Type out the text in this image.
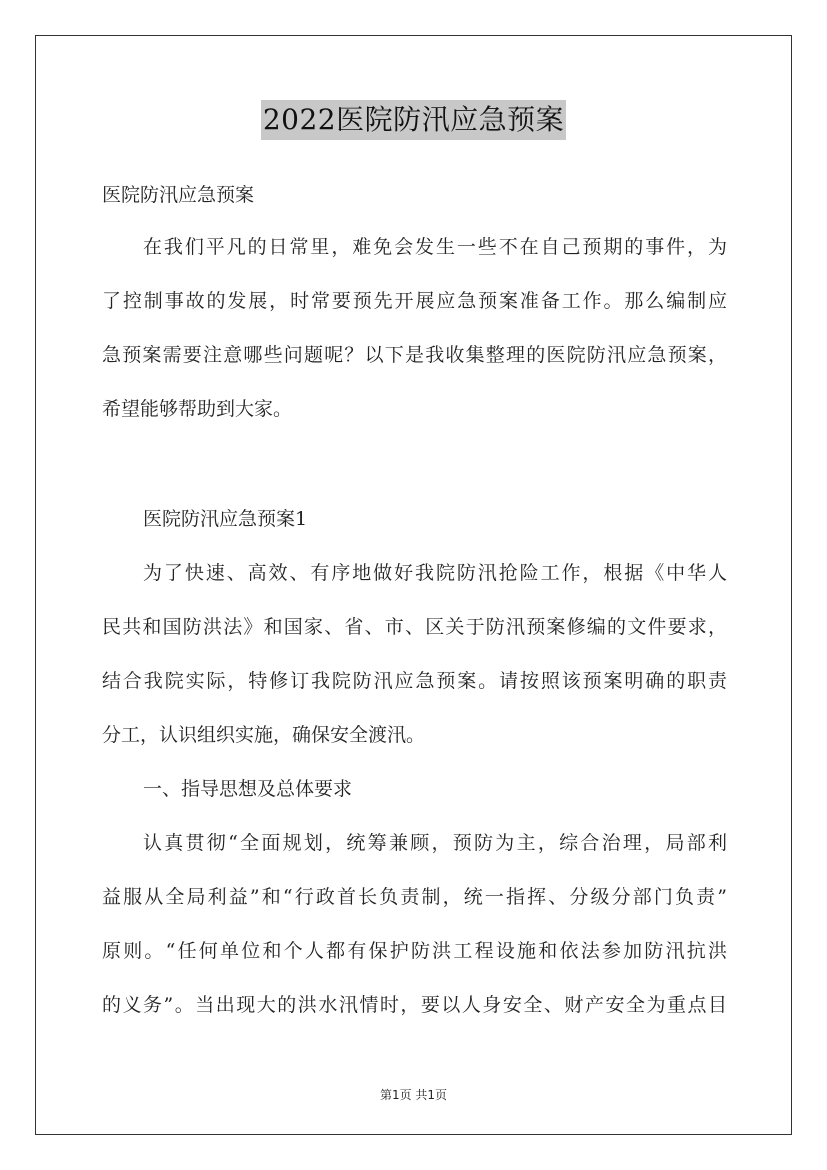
2022医院防汛应急预案
医院防汛应急预案
在我们平凡的日常里，难免会发生一些不在自己预期的事件，为
了控制事故的发展，时常要预先开展应急预案准备工作。那么编制应
急预案需要注意哪些问题呢？以下是我收集整理的医院防汛应急预案，
希望能够帮助到大家。
医院防汛应急预案1
为了快速、高效、有序地做好我院防汛抢险工作，根据《中华人
民共和国防洪法》和国家、省、市、区关于防汛预案修编的文件要求，
结合我院实际，特修订我院防汛应急预案。请按照该预案明确的职责
分工，认识组织实施，确保安全渡汛。
一、指导思想及总体要求
认真贯彻“全面规划，统筹兼顾，预防为主，综合治理，局部利
益服从全局利益”和“行政首长负责制，统一指挥、分级分部门负责”
原则。“任何单位和个人都有保护防洪工程设施和依法参加防汛抗洪
的义务”。当出现大的洪水汛情时，要以人身安全、财产安全为重点目
第1页 共1页
